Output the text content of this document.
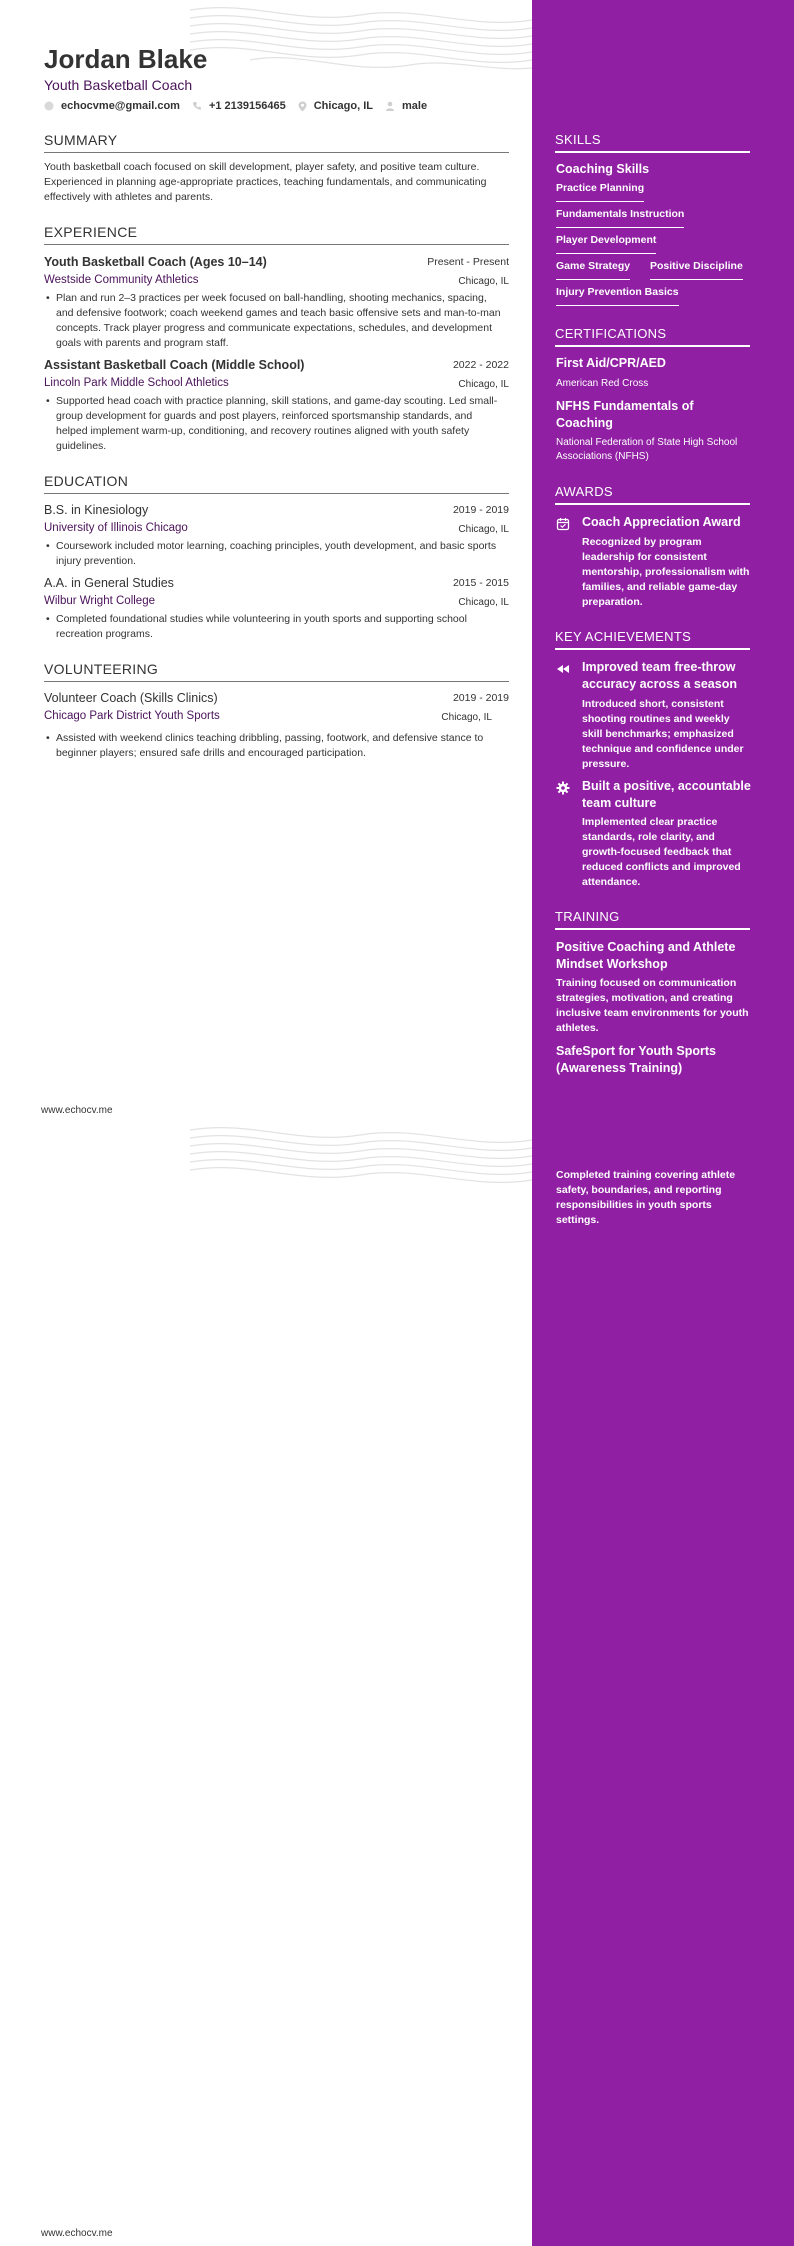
Jordan Blake
Youth Basketball Coach
echocvme@gmail.com	+1 2139156465	Chicago, IL	male
SUMMARY
Youth basketball coach focused on skill development, player safety, and positive team culture. Experienced in planning age-appropriate practices, teaching fundamentals, and communicating effectively with athletes and parents.
EXPERIENCE
Youth Basketball Coach (Ages 10–14)	Present - Present
Westside Community Athletics	Chicago, IL
• Plan and run 2–3 practices per week focused on ball-handling, shooting mechanics, spacing, and defensive footwork; coach weekend games and teach basic offensive sets and man-to-man concepts. Track player progress and communicate expectations, schedules, and development goals with parents and program staff.
Assistant Basketball Coach (Middle School)	2022 - 2022
Lincoln Park Middle School Athletics	Chicago, IL
• Supported head coach with practice planning, skill stations, and game-day scouting. Led small-group development for guards and post players, reinforced sportsmanship standards, and helped implement warm-up, conditioning, and recovery routines aligned with youth safety guidelines.
EDUCATION
B.S. in Kinesiology	2019 - 2019
University of Illinois Chicago	Chicago, IL
• Coursework included motor learning, coaching principles, youth development, and basic sports injury prevention.
A.A. in General Studies	2015 - 2015
Wilbur Wright College	Chicago, IL
• Completed foundational studies while volunteering in youth sports and supporting school recreation programs.
VOLUNTEERING
Volunteer Coach (Skills Clinics)	2019 - 2019
Chicago Park District Youth Sports	Chicago, IL
• Assisted with weekend clinics teaching dribbling, passing, footwork, and defensive stance to beginner players; ensured safe drills and encouraged participation.
www.echocv.me
www.echocv.me
SKILLS
Coaching Skills
Practice Planning
Fundamentals Instruction
Player Development
Game Strategy Positive Discipline
Injury Prevention Basics
CERTIFICATIONS
First Aid/CPR/AED
American Red Cross
NFHS Fundamentals of Coaching
National Federation of State High School Associations (NFHS)
AWARDS
Coach Appreciation Award
Recognized by program leadership for consistent mentorship, professionalism with families, and reliable game-day preparation.
KEY ACHIEVEMENTS
Improved team free-throw accuracy across a season
Introduced short, consistent shooting routines and weekly skill benchmarks; emphasized technique and confidence under pressure.
Built a positive, accountable team culture
Implemented clear practice standards, role clarity, and growth-focused feedback that reduced conflicts and improved attendance.
TRAINING
Positive Coaching and Athlete Mindset Workshop
Training focused on communication strategies, motivation, and creating inclusive team environments for youth athletes.
SafeSport for Youth Sports (Awareness Training)
Completed training covering athlete safety, boundaries, and reporting responsibilities in youth sports settings.
